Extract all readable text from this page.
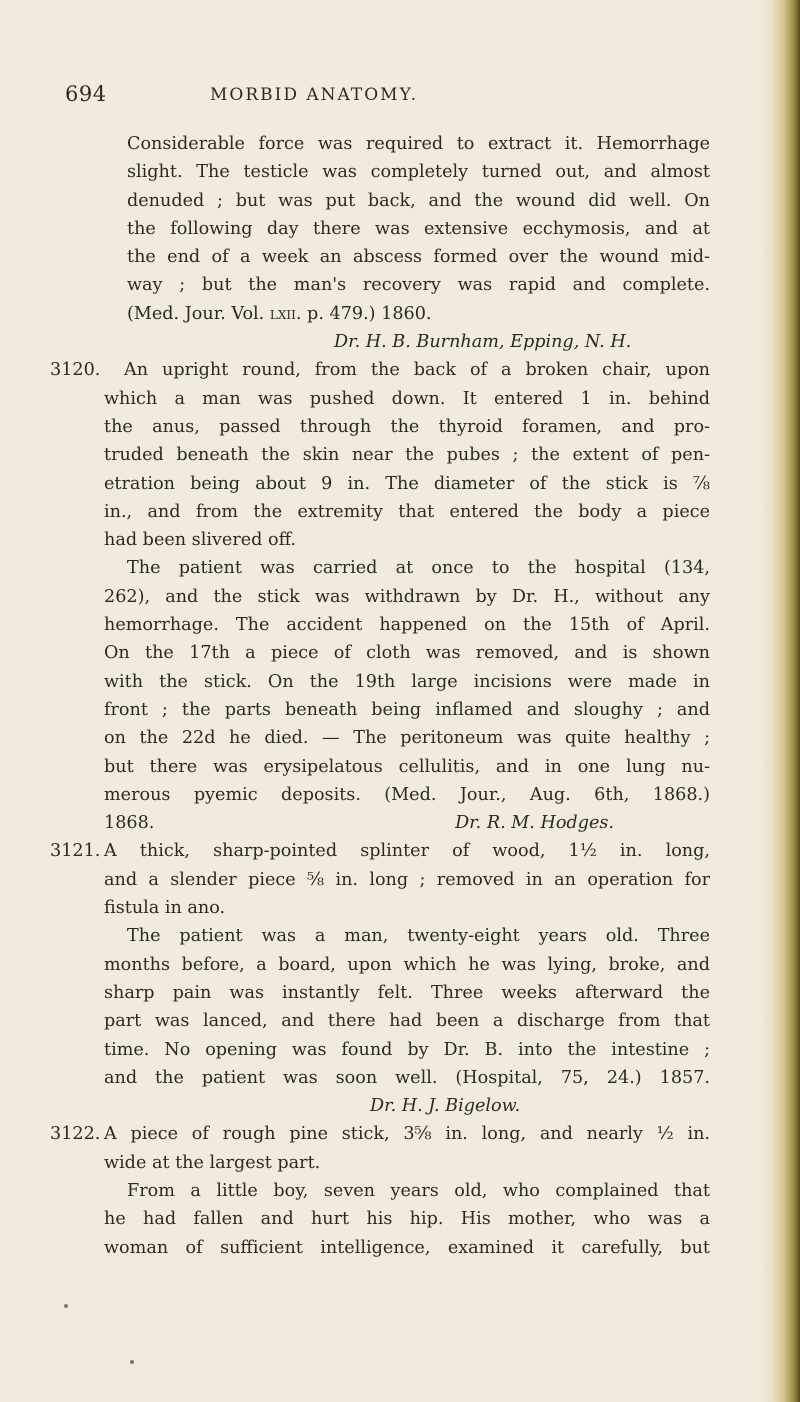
694	MORBID ANATOMY.
Considerable force was required to extract it. Hemorrhage
slight. The testicle was completely turned out, and almost
denuded ; but was put back, and the wound did well. On
the following day there was extensive ecchymosis, and at
the end of a week an abscess formed over the wound mid-
way ; but the man's recovery was rapid and complete.
(Med. Jour. Vol. lxii. p. 479.) 1860.
Dr. H. B. Burnham, Epping, N. H.
3120.	An upright round, from the back of a broken chair, upon
which a man was pushed down. It entered 1 in. behind
the anus, passed through the thyroid foramen, and pro-
truded beneath the skin near the pubes ; the extent of pen-
etration being about 9 in. The diameter of the stick is ⅞
in., and from the extremity that entered the body a piece
had been slivered off.
The patient was carried at once to the hospital (134,
262), and the stick was withdrawn by Dr. H., without any
hemorrhage. The accident happened on the 15th of April.
On the 17th a piece of cloth was removed, and is shown
with the stick. On the 19th large incisions were made in
front ; the parts beneath being inflamed and sloughy ; and
on the 22d he died. — The peritoneum was quite healthy ;
but there was erysipelatous cellulitis, and in one lung nu-
merous pyemic deposits. (Med. Jour., Aug. 6th, 1868.)
1868.	Dr. R. M. Hodges.
3121. A thick, sharp-pointed splinter of wood, 1½ in. long,
and a slender piece ⅝ in. long ; removed in an operation for
fistula in ano.
The patient was a man, twenty-eight years old. Three
months before, a board, upon which he was lying, broke, and
sharp pain was instantly felt. Three weeks afterward the
part was lanced, and there had been a discharge from that
time. No opening was found by Dr. B. into the intestine ;
and the patient was soon well. (Hospital, 75, 24.) 1857.
Dr. H. J. Bigelow.
3122. A piece of rough pine stick, 3⅝ in. long, and nearly ½ in.
wide at the largest part.
From a little boy, seven years old, who complained that
he had fallen and hurt his hip. His mother, who was a
woman of sufficient intelligence, examined it carefully, but
